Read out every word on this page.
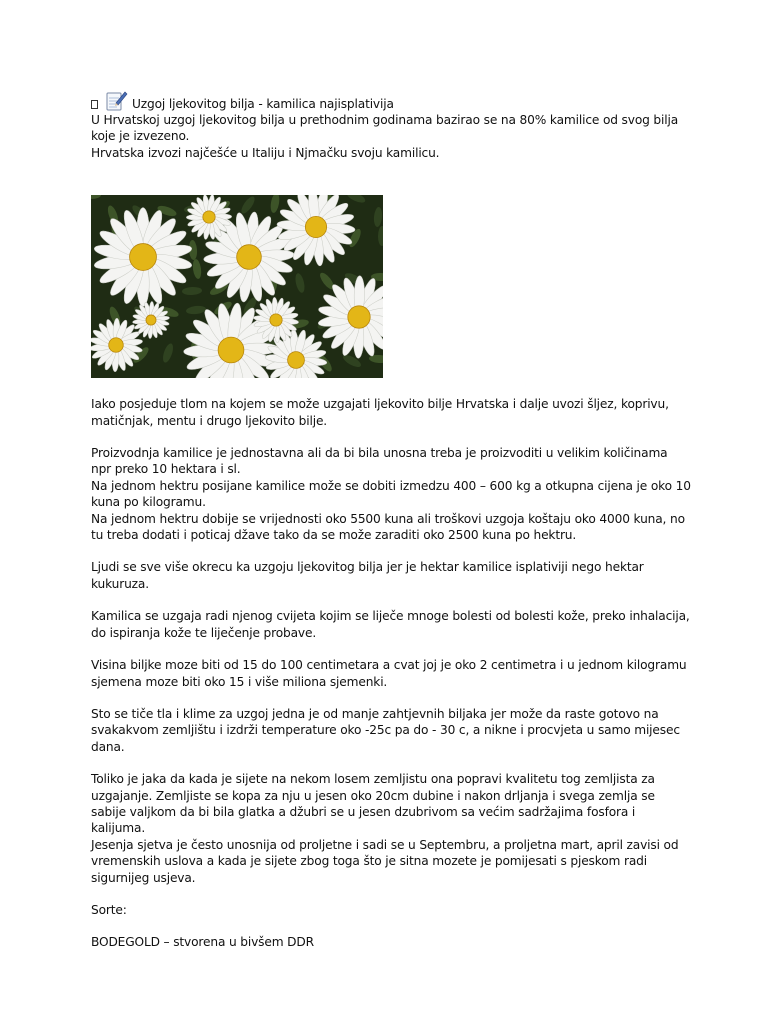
Uzgoj ljekovitog bilja - kamilica najisplativija

U Hrvatskoj uzgoj ljekovitog bilja u prethodnim godinama bazirao se na 80% kamilice od svog bilja koje je izvezeno.

Hrvatska izvozi najčešće u Italiju i Njmačku svoju kamilicu.

Iako posjeduje tlom na kojem se može uzgajati ljekovito bilje Hrvatska i dalje uvozi šljez, koprivu, matičnjak, mentu i drugo ljekovito bilje.

Proizvodnja kamilice je jednostavna ali da bi bila unosna treba je proizvoditi u velikim količinama npr preko 10 hektara i sl.

Na jednom hektru posijane kamilice može se dobiti izmedzu 400 – 600 kg a otkupna cijena je oko 10 kuna po kilogramu.

Na jednom hektru dobije se vrijednosti oko 5500 kuna ali troškovi uzgoja koštaju oko 4000 kuna, no tu treba dodati i poticaj džave tako da se može zaraditi oko 2500 kuna po hektru.

Ljudi se sve više okrecu ka uzgoju ljekovitog bilja jer je hektar kamilice isplativiji nego hektar kukuruza.

Kamilica se uzgaja radi njenog cvijeta kojim se liječe mnoge bolesti od bolesti kože, preko inhalacija, do ispiranja kože te liječenje probave.

Visina biljke moze biti od 15 do 100 centimetara a cvat joj je oko 2 centimetra i u jednom kilogramu sjemena moze biti oko 15 i više miliona sjemenki.

Sto se tiče tla i klime za uzgoj jedna je od manje zahtjevnih biljaka jer može da raste gotovo na svakakvom zemljištu i izdrži temperature oko -25c pa do - 30 c, a nikne i procvjeta u samo mijesec dana.

Toliko je jaka da kada je sijete na nekom losem zemljistu ona popravi kvalitetu tog zemljista za uzgajanje. Zemljiste se kopa za nju u jesen oko 20cm dubine i nakon drljanja i svega zemlja se sabije valjkom da bi bila glatka a džubri se u jesen dzubrivom sa većim sadržajima fosfora i kalijuma.

Jesenja sjetva je često unosnija od proljetne i sadi se u Septembru, a proljetna mart, april zavisi od vremenskih uslova a kada je sijete zbog toga što je sitna mozete je pomijesati s pjeskom radi sigurnijeg usjeva.

Sorte:

BODEGOLD – stvorena u bivšem DDR
